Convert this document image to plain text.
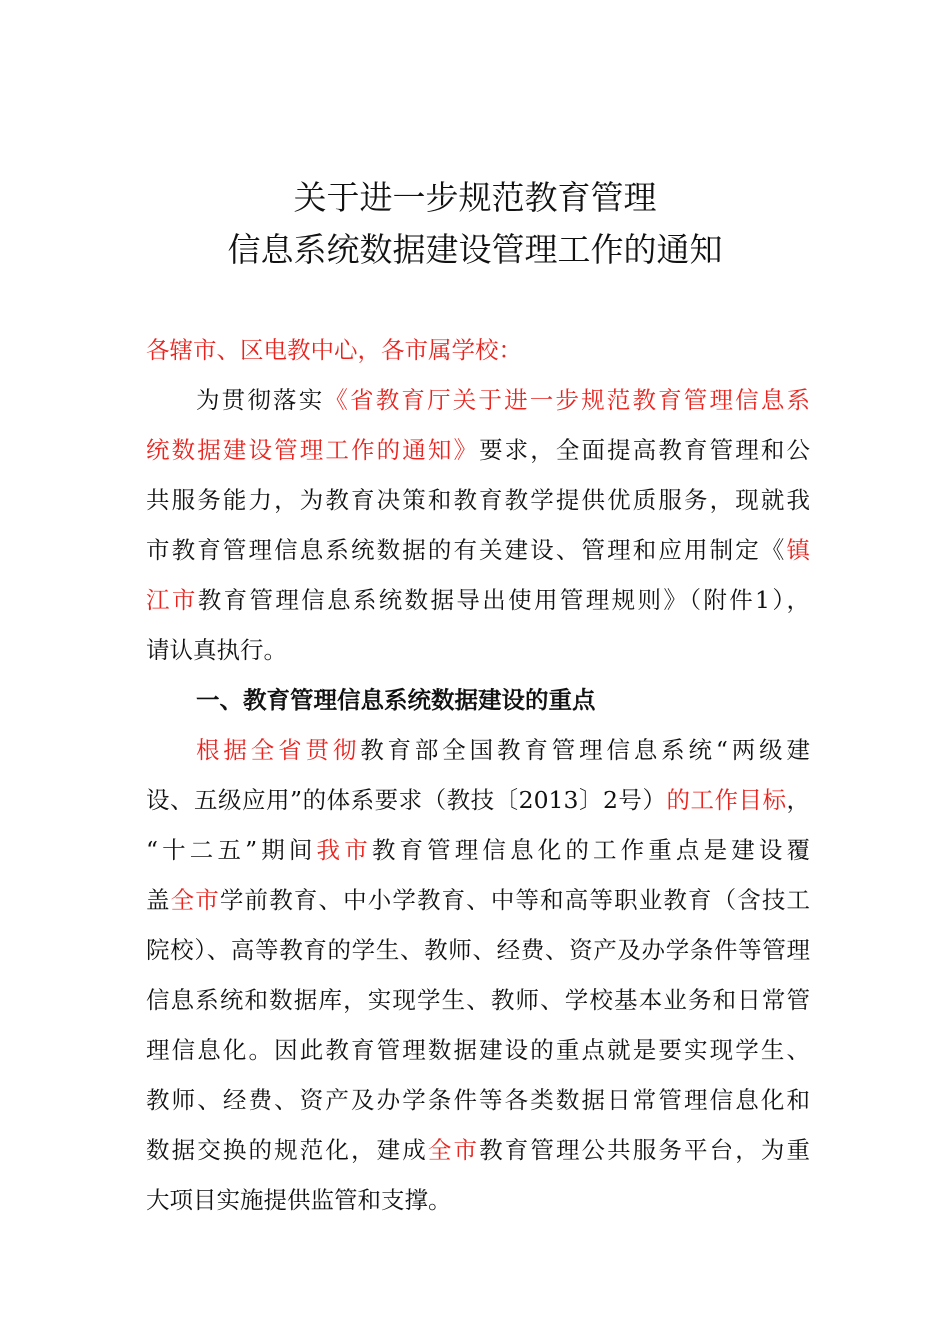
关于进一步规范教育管理
信息系统数据建设管理工作的通知
各辖市、区电教中心，各市属学校：
为贯彻落实《省教育厅关于进一步规范教育管理信息系
统数据建设管理工作的通知》要求，全面提高教育管理和公
共服务能力，为教育决策和教育教学提供优质服务，现就我
市教育管理信息系统数据的有关建设、管理和应用制定《镇
江市教育管理信息系统数据导出使用管理规则》（附件1），
请认真执行。
一、教育管理信息系统数据建设的重点
根据全省贯彻教育部全国教育管理信息系统“两级建
设、五级应用”的体系要求（教技〔2013〕2号）的工作目标，
“十二五”期间我市教育管理信息化的工作重点是建设覆
盖全市学前教育、中小学教育、中等和高等职业教育（含技工
院校）、高等教育的学生、教师、经费、资产及办学条件等管理
信息系统和数据库，实现学生、教师、学校基本业务和日常管
理信息化。因此教育管理数据建设的重点就是要实现学生、
教师、经费、资产及办学条件等各类数据日常管理信息化和
数据交换的规范化，建成全市教育管理公共服务平台，为重
大项目实施提供监管和支撑。
